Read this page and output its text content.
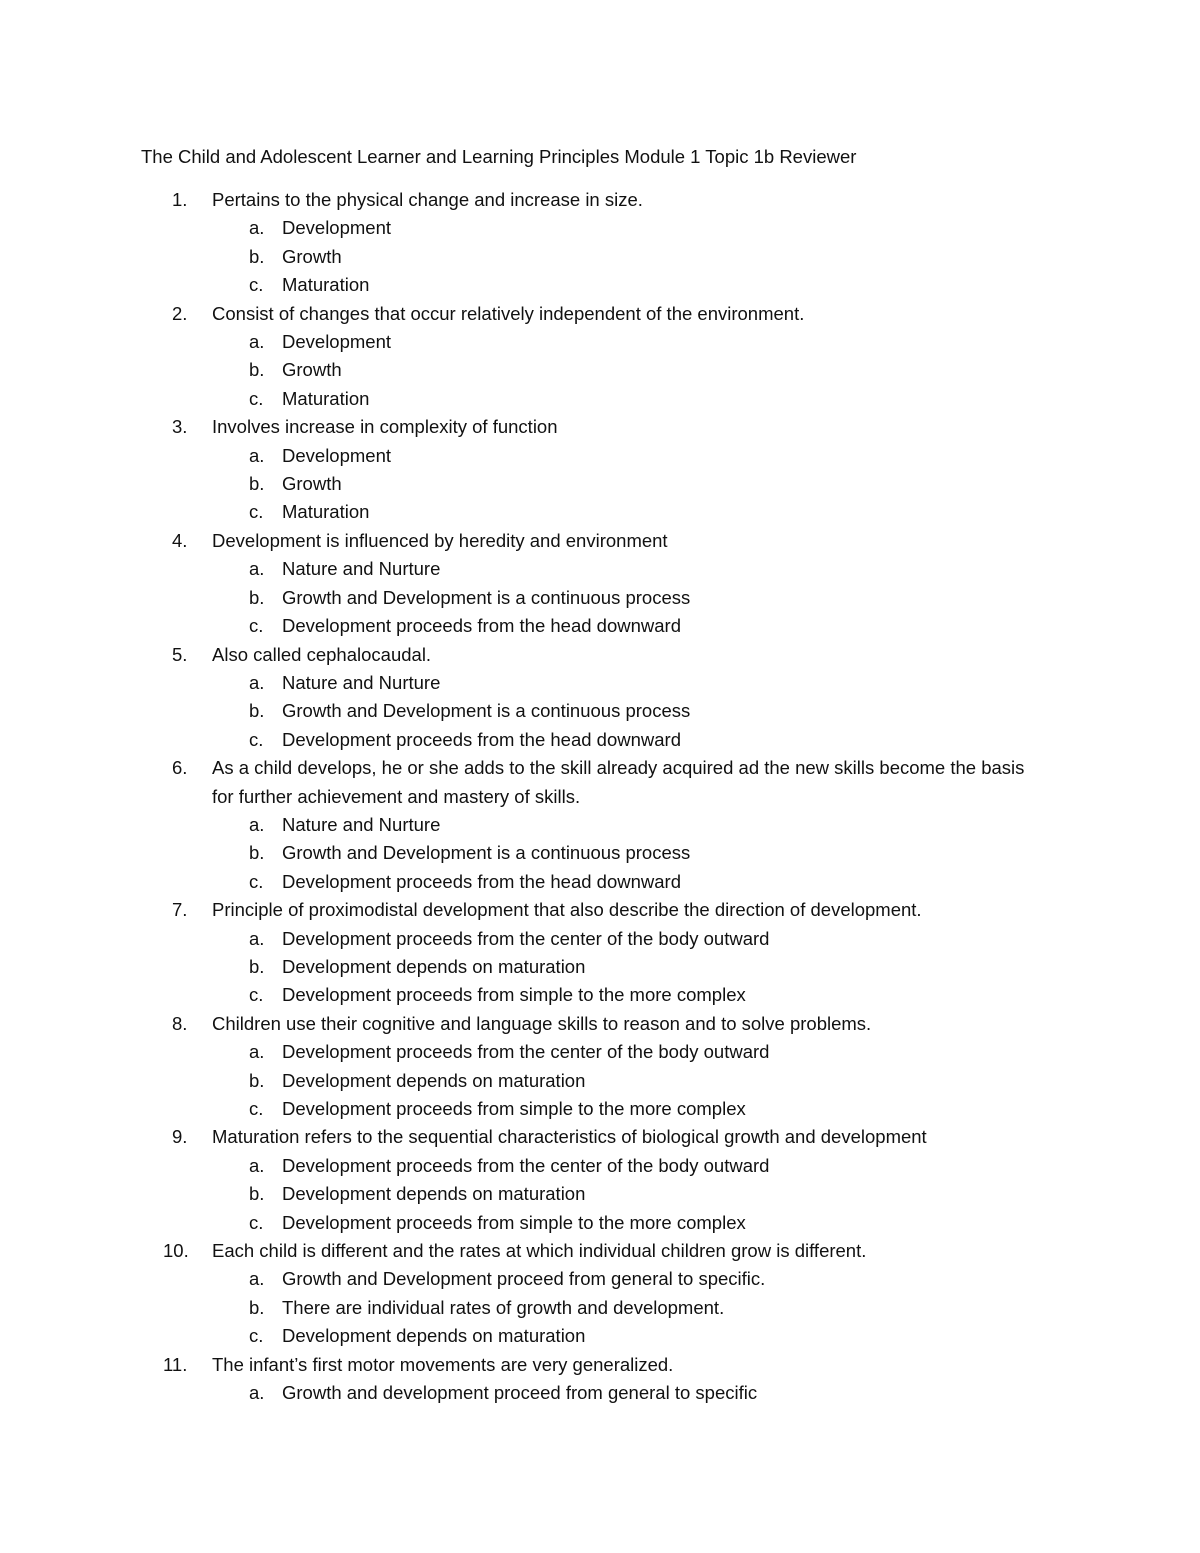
The Child and Adolescent Learner and Learning Principles Module 1 Topic 1b Reviewer
1. Pertains to the physical change and increase in size.
a. Development
b. Growth
c. Maturation
2. Consist of changes that occur relatively independent of the environment.
a. Development
b. Growth
c. Maturation
3. Involves increase in complexity of function
a. Development
b. Growth
c. Maturation
4. Development is influenced by heredity and environment
a. Nature and Nurture
b. Growth and Development is a continuous process
c. Development proceeds from the head downward
5. Also called cephalocaudal.
a. Nature and Nurture
b. Growth and Development is a continuous process
c. Development proceeds from the head downward
6. As a child develops, he or she adds to the skill already acquired ad the new skills become the basis for further achievement and mastery of skills.
a. Nature and Nurture
b. Growth and Development is a continuous process
c. Development proceeds from the head downward
7. Principle of proximodistal development that also describe the direction of development.
a. Development proceeds from the center of the body outward
b. Development depends on maturation
c. Development proceeds from simple to the more complex
8. Children use their cognitive and language skills to reason and to solve problems.
a. Development proceeds from the center of the body outward
b. Development depends on maturation
c. Development proceeds from simple to the more complex
9. Maturation refers to the sequential characteristics of biological growth and development
a. Development proceeds from the center of the body outward
b. Development depends on maturation
c. Development proceeds from simple to the more complex
10. Each child is different and the rates at which individual children grow is different.
a. Growth and Development proceed from general to specific.
b. There are individual rates of growth and development.
c. Development depends on maturation
11. The infant’s first motor movements are very generalized.
a. Growth and development proceed from general to specific
